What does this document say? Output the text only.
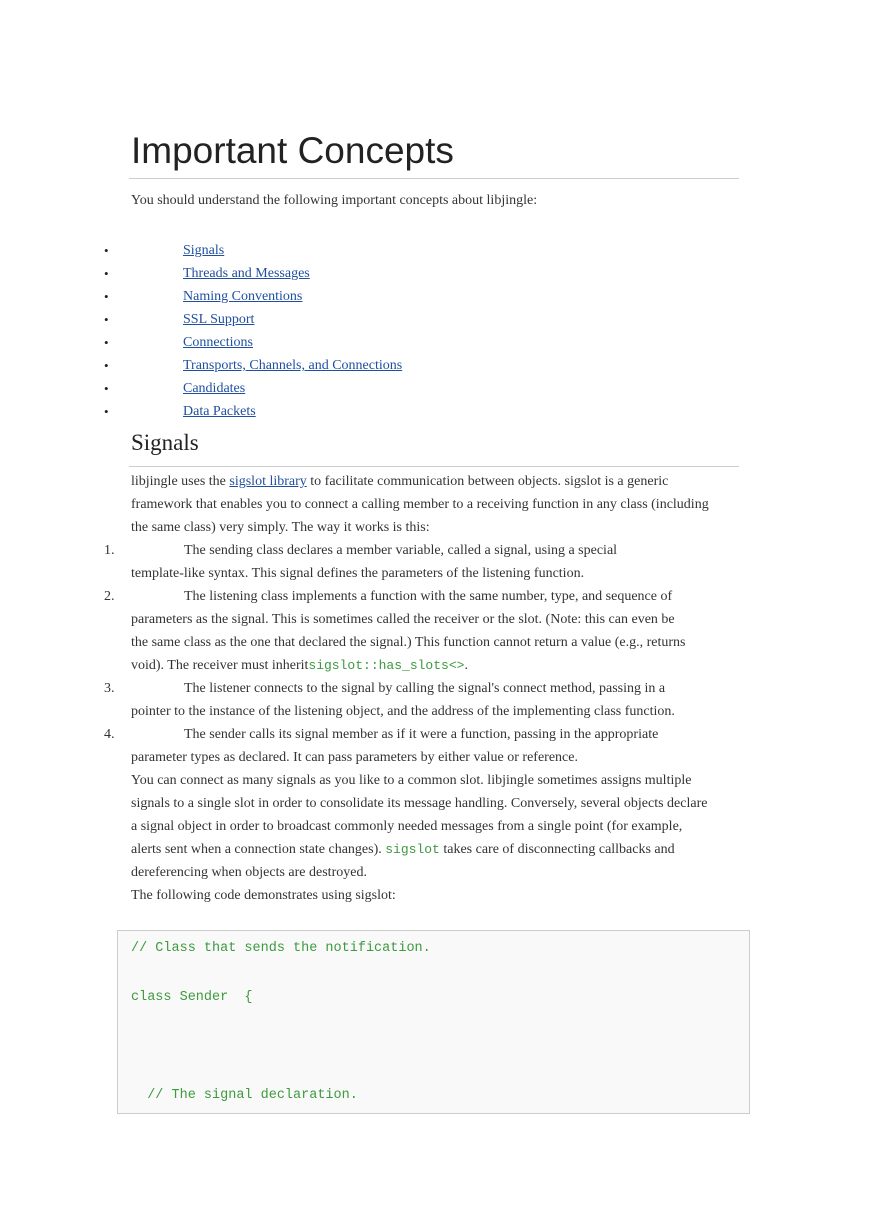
Important Concepts
You should understand the following important concepts about libjingle:
•	Signals
•	Threads and Messages
•	Naming Conventions
•	SSL Support
•	Connections
•	Transports, Channels, and Connections
•	Candidates
•	Data Packets
Signals
libjingle uses the sigslot library to facilitate communication between objects. sigslot is a generic
framework that enables you to connect a calling member to a receiving function in any class (including
the same class) very simply. The way it works is this:
1.	The sending class declares a member variable, called a signal, using a special
template-like syntax. This signal defines the parameters of the listening function.
2.	The listening class implements a function with the same number, type, and sequence of
parameters as the signal. This is sometimes called the receiver or the slot. (Note: this can even be
the same class as the one that declared the signal.) This function cannot return a value (e.g., returns
void). The receiver must inheritsigslot::has_slots<>.
3.	The listener connects to the signal by calling the signal's connect method, passing in a
pointer to the instance of the listening object, and the address of the implementing class function.
4.	The sender calls its signal member as if it were a function, passing in the appropriate
parameter types as declared. It can pass parameters by either value or reference.
You can connect as many signals as you like to a common slot. libjingle sometimes assigns multiple
signals to a single slot in order to consolidate its message handling. Conversely, several objects declare
a signal object in order to broadcast commonly needed messages from a single point (for example,
alerts sent when a connection state changes). sigslot takes care of disconnecting callbacks and
dereferencing when objects are destroyed.
The following code demonstrates using sigslot:
// Class that sends the notification.
class Sender  {
// The signal declaration.
